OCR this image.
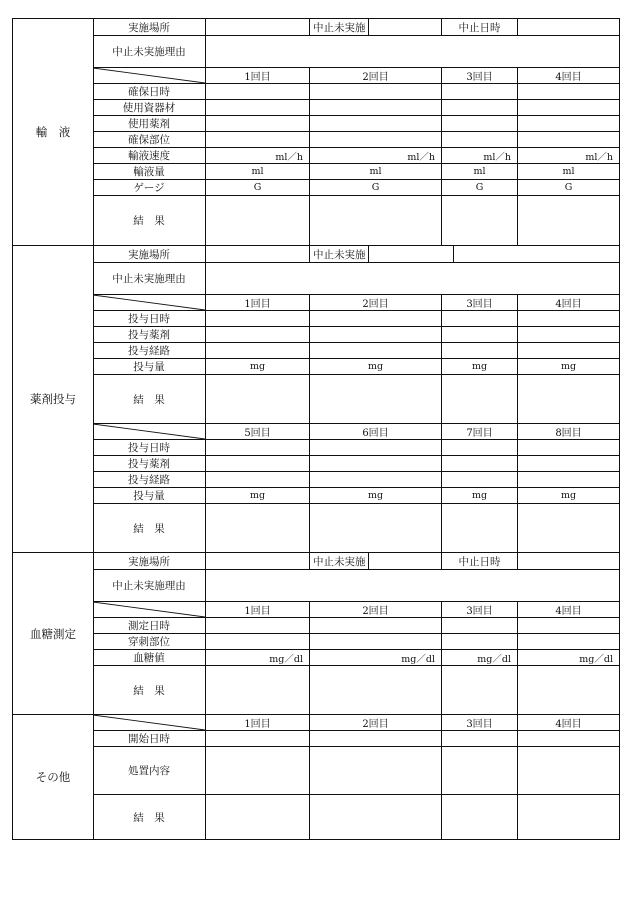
輸　液
実施場所	中止未実施	中止日時
中止未実施理由
1回目	2回目	3回目	4回目
確保日時
使用資器材
使用薬剤
確保部位
輸液速度	ml／h	ml／h	ml／h	ml／h
輸液量	ml	ml	ml	ml
ゲージ	G	G	G	G
結　果
薬剤投与
実施場所	中止未実施
中止未実施理由
1回目	2回目	3回目	4回目
投与日時
投与薬剤
投与経路
投与量	mg	mg	mg	mg
結　果
5回目	6回目	7回目	8回目
投与日時
投与薬剤
投与経路
投与量	mg	mg	mg	mg
結　果
血糖測定
実施場所	中止未実施	中止日時
中止未実施理由
1回目	2回目	3回目	4回目
測定日時
穿刺部位
血糖値	mg／dl	mg／dl	mg／dl	mg／dl
結　果
その他
1回目	2回目	3回目	4回目
開始日時
処置内容
結　果
